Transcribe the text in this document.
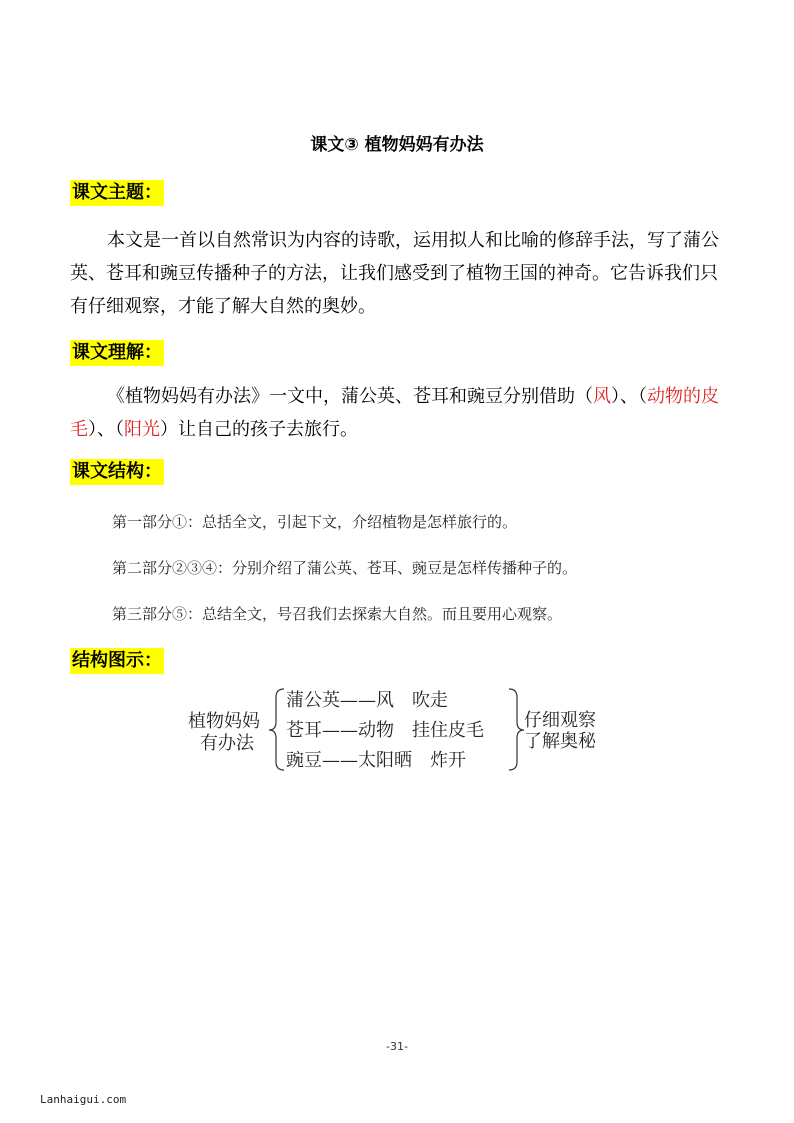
课文③ 植物妈妈有办法
课文主题：

本文是一首以自然常识为内容的诗歌，运用拟人和比喻的修辞手法，写了蒲公英、苍耳和豌豆传播种子的方法，让我们感受到了植物王国的神奇。它告诉我们只有仔细观察，才能了解大自然的奥妙。

课文理解：

《植物妈妈有办法》一文中，蒲公英、苍耳和豌豆分别借助（风）、（动物的皮毛）、（阳光）让自己的孩子去旅行。

课文结构：
第一部分①：总括全文，引起下文，介绍植物是怎样旅行的。
第二部分②③④：分别介绍了蒲公英、苍耳、豌豆是怎样传播种子的。
第三部分⑤：总结全文，号召我们去探索大自然。而且要用心观察。
结构图示：
植物妈妈
有办法
蒲公英——风　吹走
苍耳——动物　挂住皮毛
豌豆——太阳晒　炸开
仔细观察
了解奥秘
-31-
Lanhaigui.com
